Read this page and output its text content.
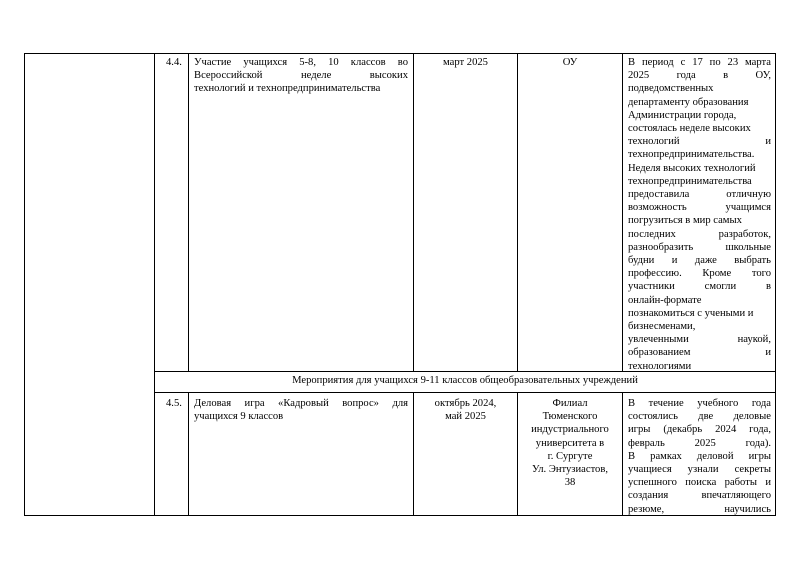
4.4. Участие учащихся 5-8, 10 классов во
Всероссийской неделе высоких
технологий и технопредпринимательства
март 2025	ОУ	В период с 17 по 23 марта
2025 года в ОУ,
подведомственных
департаменту образования
Администрации города,
состоялась неделе высоких
технологий и
технопредпринимательства.
Неделя высоких технологий
технопредпринимательства
предоставила отличную
возможность учащимся
погрузиться в мир самых
последних разработок,
разнообразить школьные
будни и даже выбрать
профессию. Кроме того
участники смогли в
онлайн-формате
познакомиться с учеными и
бизнесменами,
увлеченными наукой,
образованием и
технологиями
Мероприятия для учащихся 9-11 классов общеобразовательных учреждений
4.5. Деловая игра «Кадровый вопрос» для
учащихся 9 классов
октябрь 2024,
май 2025
Филиал
Тюменского
индустриального
университета в
г. Сургуте
Ул. Энтузиастов,
38
В течение учебного года
состоялись две деловые
игры (декабрь 2024 года,
февраль 2025 года).
В рамках деловой игры
учащиеся узнали секреты
успешного поиска работы и
создания впечатляющего
резюме, научились
